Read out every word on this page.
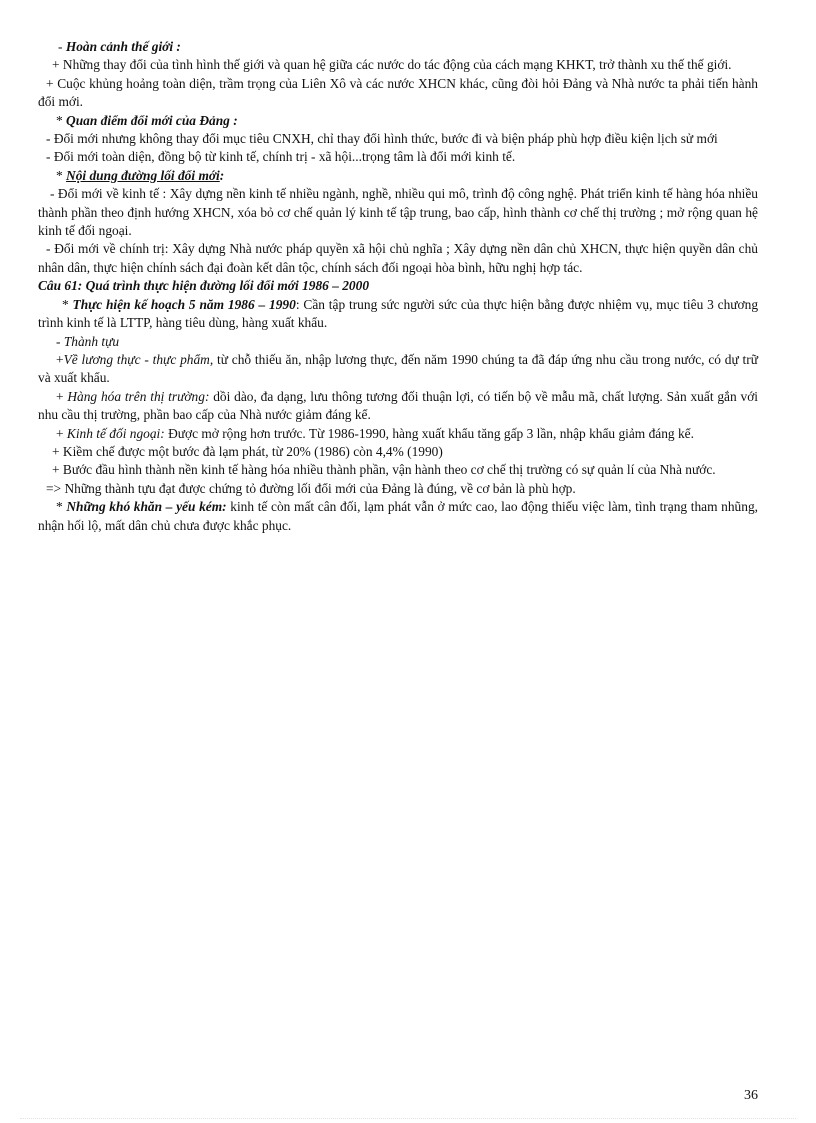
- Hoàn cảnh thế giới :

+ Những thay đổi của tình hình thế giới và quan hệ giữa các nước do tác động của cách mạng KHKT, trở thành xu thế thế giới.

+ Cuộc khủng hoảng toàn diện, trầm trọng của Liên Xô và các nước XHCN khác, cũng đòi hỏi Đảng và Nhà nước ta phải tiến hành đổi mới.

* Quan điểm đổi mới của Đảng :

- Đổi mới nhưng không thay đổi mục tiêu CNXH, chỉ thay đổi hình thức, bước đi và biện pháp phù hợp điều kiện lịch sử mới

- Đổi mới toàn diện, đồng bộ từ kinh tế, chính trị - xã hội...trọng tâm là đổi mới kinh tế.

* Nội dung đường lối đổi mới:

- Đổi mới về kinh tế : Xây dựng nền kinh tế nhiều ngành, nghề, nhiều qui mô, trình độ công nghệ. Phát triển kinh tế hàng hóa nhiều thành phần theo định hướng XHCN, xóa bỏ cơ chế quản lý kinh tế tập trung, bao cấp, hình thành cơ chế thị trường ; mở rộng quan hệ kinh tế đối ngoại.

- Đổi mới về chính trị: Xây dựng Nhà nước pháp quyền xã hội chủ nghĩa ; Xây dựng nền dân chủ XHCN, thực hiện quyền dân chủ nhân dân, thực hiện chính sách đại đoàn kết dân tộc, chính sách đối ngoại hòa bình, hữu nghị hợp tác.

Câu 61: Quá trình thực hiện đường lối đổi mới 1986 – 2000

* Thực hiện kế hoạch 5 năm 1986 – 1990: Cần tập trung sức người sức của thực hiện bằng được nhiệm vụ, mục tiêu 3 chương trình kinh tế là LTTP, hàng tiêu dùng, hàng xuất khẩu.

- Thành tựu

+Về lương thực - thực phẩm, từ chỗ thiếu ăn, nhập lương thực, đến năm 1990 chúng ta đã đáp ứng nhu cầu trong nước, có dự trữ và xuất khẩu.

+ Hàng hóa trên thị trường: dồi dào, đa dạng, lưu thông tương đối thuận lợi, có tiến bộ về mẫu mã, chất lượng. Sản xuất gắn với nhu cầu thị trường, phần bao cấp của Nhà nước giảm đáng kể.

+ Kinh tế đối ngoại: Được mở rộng hơn trước. Từ 1986-1990, hàng xuất khẩu tăng gấp 3 lần, nhập khẩu giảm đáng kể.

+ Kiềm chế được một bước đà lạm phát, từ 20% (1986) còn 4,4% (1990)

+ Bước đầu hình thành nền kinh tế hàng hóa nhiều thành phần, vận hành theo cơ chế thị trường có sự quản lí của Nhà nước.

=> Những thành tựu đạt được chứng tỏ đường lối đổi mới của Đảng là đúng, về cơ bản là phù hợp.

* Những khó khăn – yếu kém: kinh tế còn mất cân đối, lạm phát vẫn ở mức cao, lao động thiếu việc làm, tình trạng tham nhũng, nhận hối lộ, mất dân chủ chưa được khắc phục.

36
